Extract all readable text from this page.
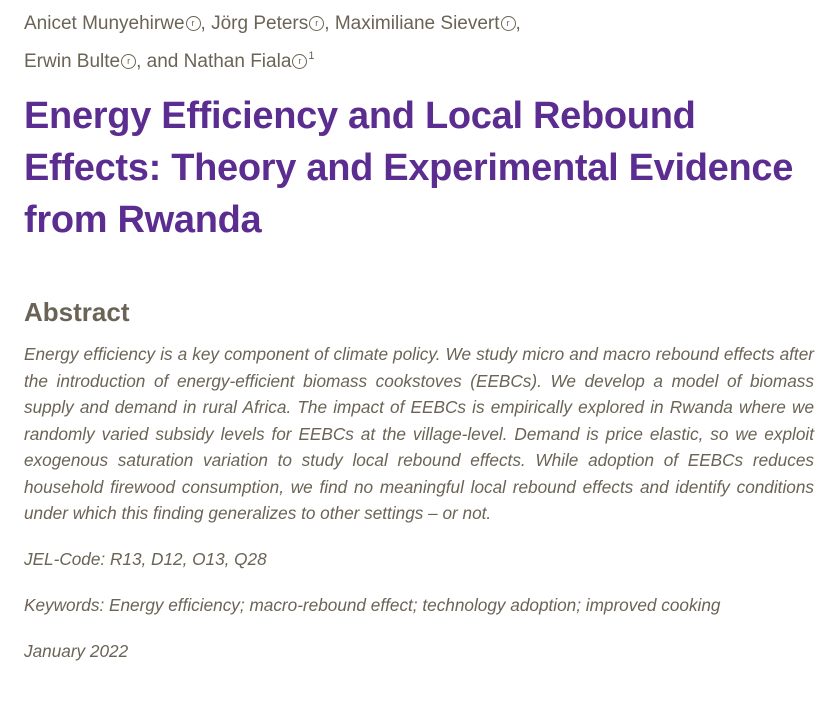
Anicet Munyehirwe r , Jörg Peters r , Maximiliane Sievert r ,
Erwin Bulte r , and Nathan Fiala r $^1$

Energy Efficiency and Local Rebound
Effects: Theory and Experimental Evidence
from Rwanda
Abstract

Energy efficiency is a key component of climate policy. We study micro and macro rebound effects after the introduction of energy-efficient biomass cookstoves (EEBCs). We develop a model of biomass supply and demand in rural Africa. The impact of EEBCs is empirically explored in Rwanda where we randomly varied subsidy levels for EEBCs at the village-level. Demand is price elastic, so we exploit exogenous saturation variation to study local rebound effects. While adoption of EEBCs reduces household firewood consumption, we find no meaningful local rebound effects and identify conditions under which this finding generalizes to other settings – or not.

JEL-Code: R13, D12, O13, Q28

Keywords: Energy efficiency; macro-rebound effect; technology adoption; improved cooking

January 2022
